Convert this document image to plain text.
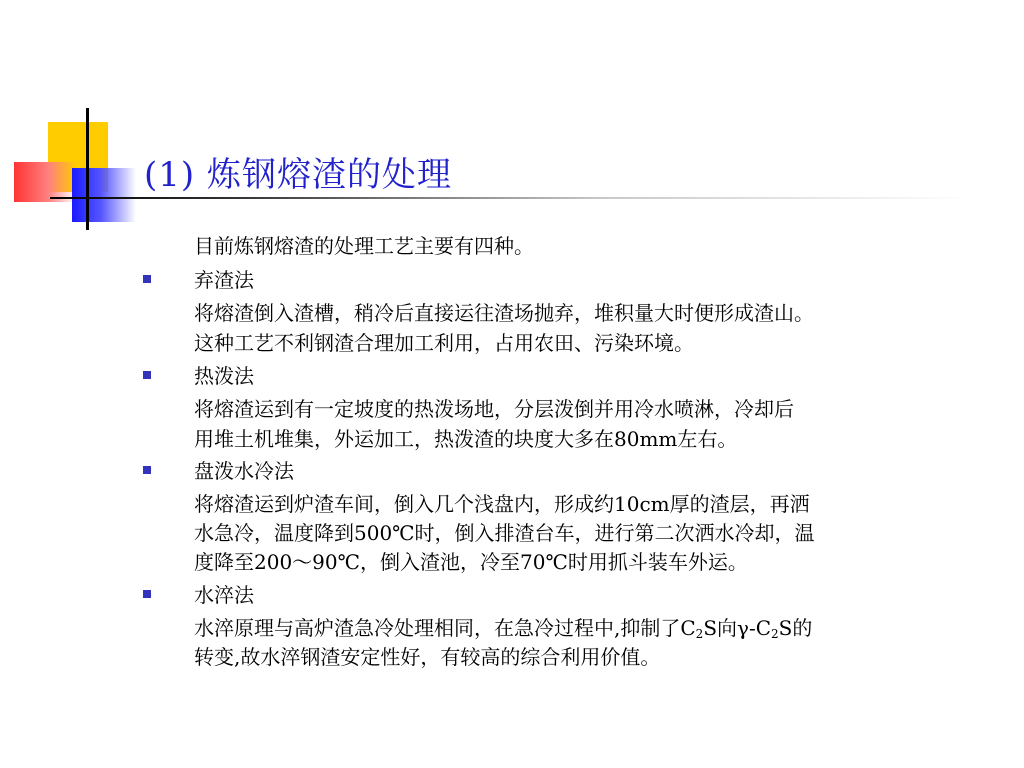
(1) 炼钢熔渣的处理
目前炼钢熔渣的处理工艺主要有四种。
弃渣法
将熔渣倒入渣槽，稍冷后直接运往渣场抛弃，堆积量大时便形成渣山。
这种工艺不利钢渣合理加工利用，占用农田、污染环境。
热泼法
将熔渣运到有一定坡度的热泼场地，分层泼倒并用冷水喷淋，冷却后
用堆土机堆集，外运加工，热泼渣的块度大多在80mm左右。
盘泼水冷法
将熔渣运到炉渣车间，倒入几个浅盘内，形成约10cm厚的渣层，再洒
水急冷，温度降到500℃时，倒入排渣台车，进行第二次洒水冷却，温
度降至200～90℃，倒入渣池，冷至70℃时用抓斗装车外运。
水淬法
水淬原理与高炉渣急冷处理相同，在急冷过程中,抑制了$C_2S$向$\gamma-C_2S$的
转变,故水淬钢渣安定性好，有较高的综合利用价值。
